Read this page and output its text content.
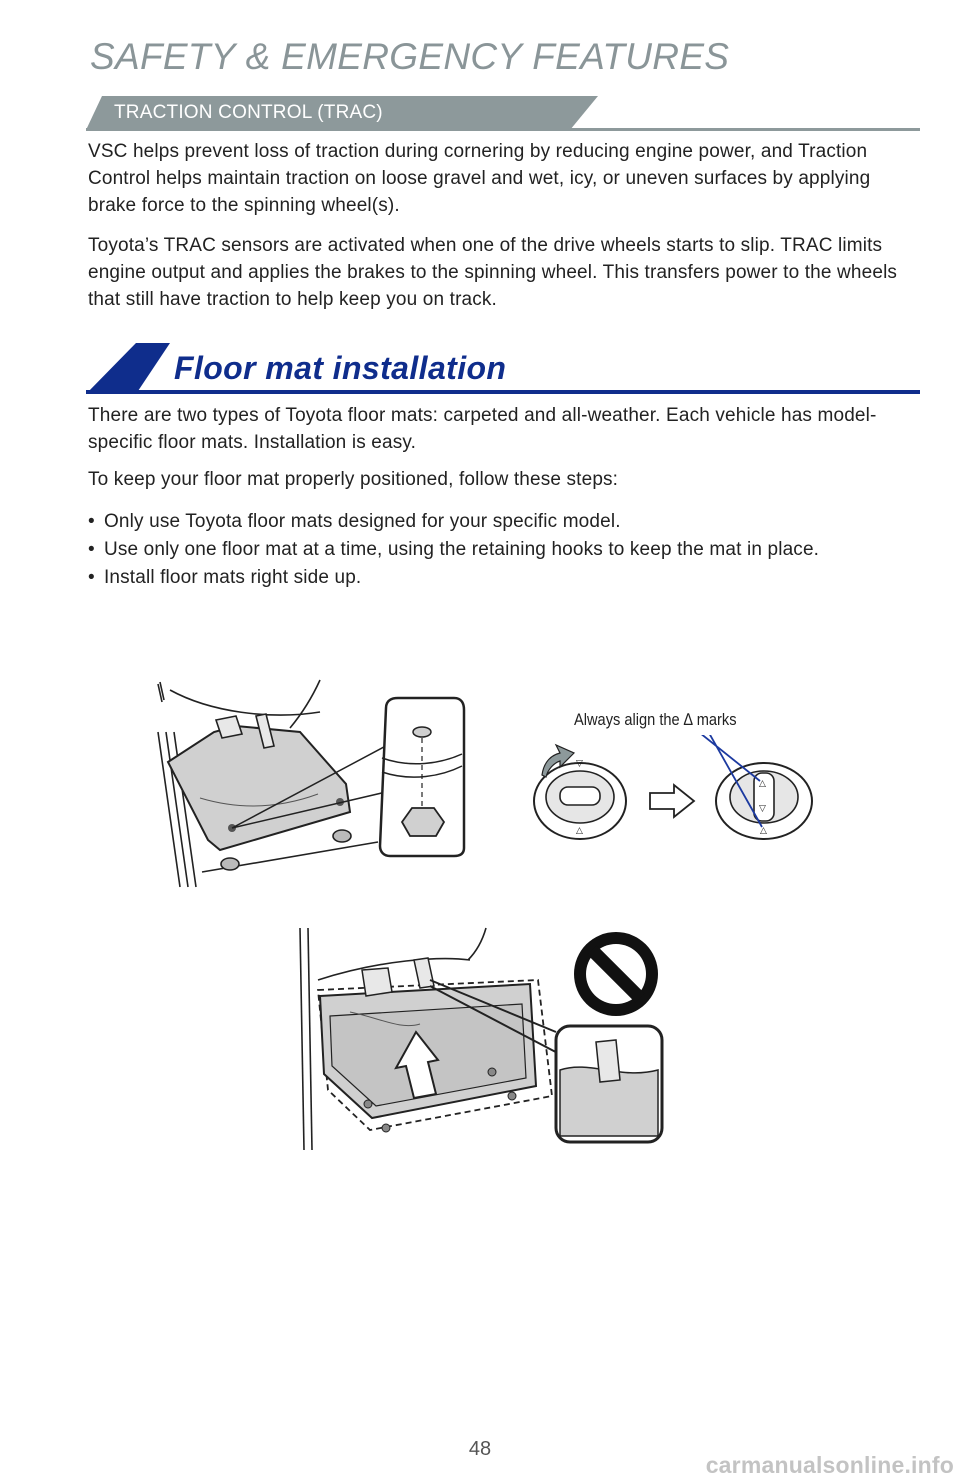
SAFETY & EMERGENCY FEATURES
TRACTION CONTROL (TRAC)

VSC helps prevent loss of traction during cornering by reducing engine power, and Traction Control helps maintain traction on loose gravel and wet, icy, or uneven surfaces by applying brake force to the spinning wheel(s).

Toyota’s TRAC sensors are activated when one of the drive wheels starts to slip. TRAC limits engine output and applies the brakes to the spinning wheel. This transfers power to the wheels that still have traction to help keep you on track.

Floor mat installation

There are two types of Toyota floor mats: carpeted and all-weather. Each vehicle has model-specific floor mats. Installation is easy.

To keep your floor mat properly positioned, follow these steps:

• Only use Toyota floor mats designed for your specific model.
• Use only one floor mat at a time, using the retaining hooks to keep the mat in place.
• Install floor mats right side up.
Always align the ∆ marks
▽
△
△
▽
△
48
carmanualsonline.info
